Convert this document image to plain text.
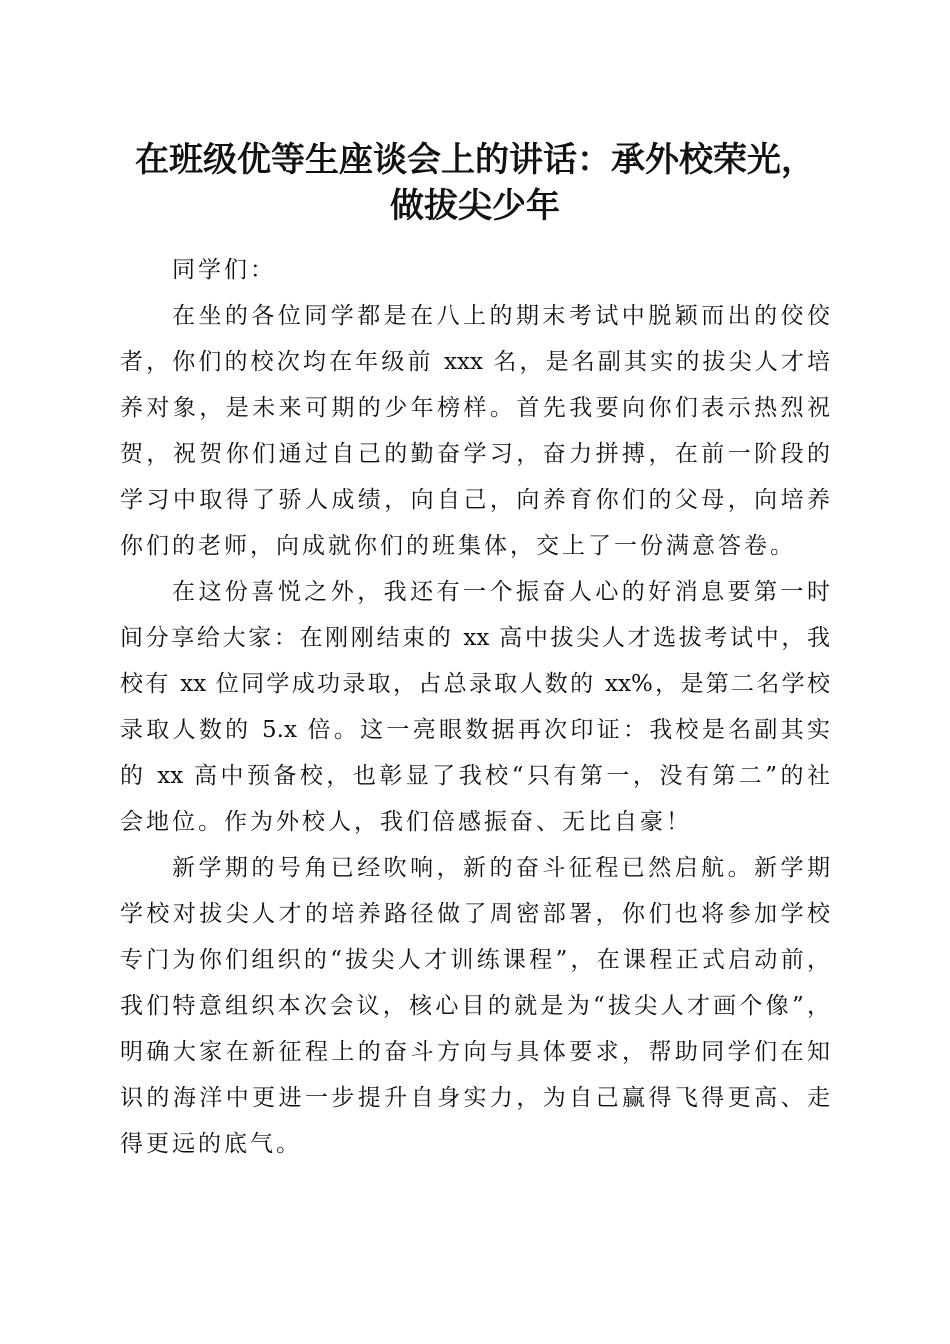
在班级优等生座谈会上的讲话：承外校荣光，
做拔尖少年
同学们：
在坐的各位同学都是在八上的期末考试中脱颖而出的佼佼
者，你们的校次均在年级前 xxx 名，是名副其实的拔尖人才培
养对象，是未来可期的少年榜样。首先我要向你们表示热烈祝
贺，祝贺你们通过自己的勤奋学习，奋力拼搏，在前一阶段的
学习中取得了骄人成绩，向自己，向养育你们的父母，向培养
你们的老师，向成就你们的班集体，交上了一份满意答卷。
在这份喜悦之外，我还有一个振奋人心的好消息要第一时
间分享给大家：在刚刚结束的 xx 高中拔尖人才选拔考试中，我
校有 xx 位同学成功录取，占总录取人数的 xx%，是第二名学校
录取人数的 5.x 倍。这一亮眼数据再次印证：我校是名副其实
的 xx 高中预备校，也彰显了我校“只有第一，没有第二”的社
会地位。作为外校人，我们倍感振奋、无比自豪！
新学期的号角已经吹响，新的奋斗征程已然启航。新学期
学校对拔尖人才的培养路径做了周密部署，你们也将参加学校
专门为你们组织的“拔尖人才训练课程”，在课程正式启动前，
我们特意组织本次会议，核心目的就是为“拔尖人才画个像”，
明确大家在新征程上的奋斗方向与具体要求，帮助同学们在知
识的海洋中更进一步提升自身实力，为自己赢得飞得更高、走
得更远的底气。
